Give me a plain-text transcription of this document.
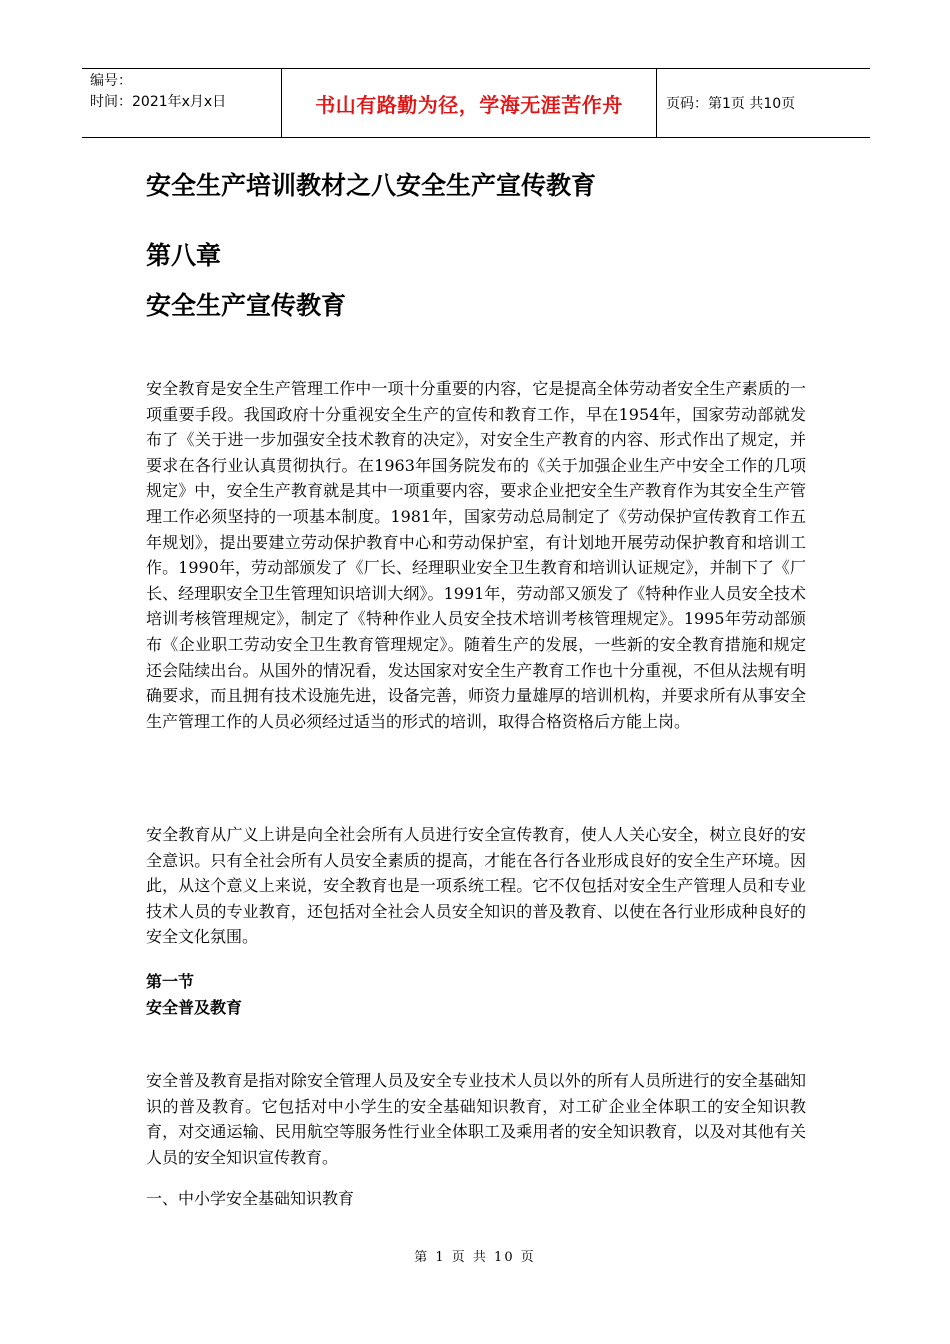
编号：
时间：2021年x月x日	书山有路勤为径，学海无涯苦作舟	页码：第1页 共10页
安全生产培训教材之八安全生产宣传教育
第八章
安全生产宣传教育

安全教育是安全生产管理工作中一项十分重要的内容，它是提高全体劳动者安全生产素质的一项重要手段。我国政府十分重视安全生产的宣传和教育工作，早在1954年，国家劳动部就发布了《关于进一步加强安全技术教育的决定》，对安全生产教育的内容、形式作出了规定，并要求在各行业认真贯彻执行。在1963年国务院发布的《关于加强企业生产中安全工作的几项规定》中，安全生产教育就是其中一项重要内容，要求企业把安全生产教育作为其安全生产管理工作必须坚持的一项基本制度。1981年，国家劳动总局制定了《劳动保护宣传教育工作五年规划》，提出要建立劳动保护教育中心和劳动保护室，有计划地开展劳动保护教育和培训工作。1990年，劳动部颁发了《厂长、经理职业安全卫生教育和培训认证规定》，并制下了《厂长、经理职安全卫生管理知识培训大纲》。1991年，劳动部又颁发了《特种作业人员安全技术培训考核管理规定》，制定了《特种作业人员安全技术培训考核管理规定》。1995年劳动部颁布《企业职工劳动安全卫生教育管理规定》。随着生产的发展，一些新的安全教育措施和规定还会陆续出台。从国外的情况看，发达国家对安全生产教育工作也十分重视，不但从法规有明确要求，而且拥有技术设施先进，设备完善，师资力量雄厚的培训机构，并要求所有从事安全生产管理工作的人员必须经过适当的形式的培训，取得合格资格后方能上岗。

安全教育从广义上讲是向全社会所有人员进行安全宣传教育，使人人关心安全，树立良好的安全意识。只有全社会所有人员安全素质的提高，才能在各行各业形成良好的安全生产环境。因此，从这个意义上来说，安全教育也是一项系统工程。它不仅包括对安全生产管理人员和专业技术人员的专业教育，还包括对全社会人员安全知识的普及教育、以使在各行业形成种良好的安全文化氛围。

第一节
安全普及教育

安全普及教育是指对除安全管理人员及安全专业技术人员以外的所有人员所进行的安全基础知识的普及教育。它包括对中小学生的安全基础知识教育，对工矿企业全体职工的安全知识教育，对交通运输、民用航空等服务性行业全体职工及乘用者的安全知识教育，以及对其他有关人员的安全知识宣传教育。

一、中小学安全基础知识教育

第 1 页 共 10 页
